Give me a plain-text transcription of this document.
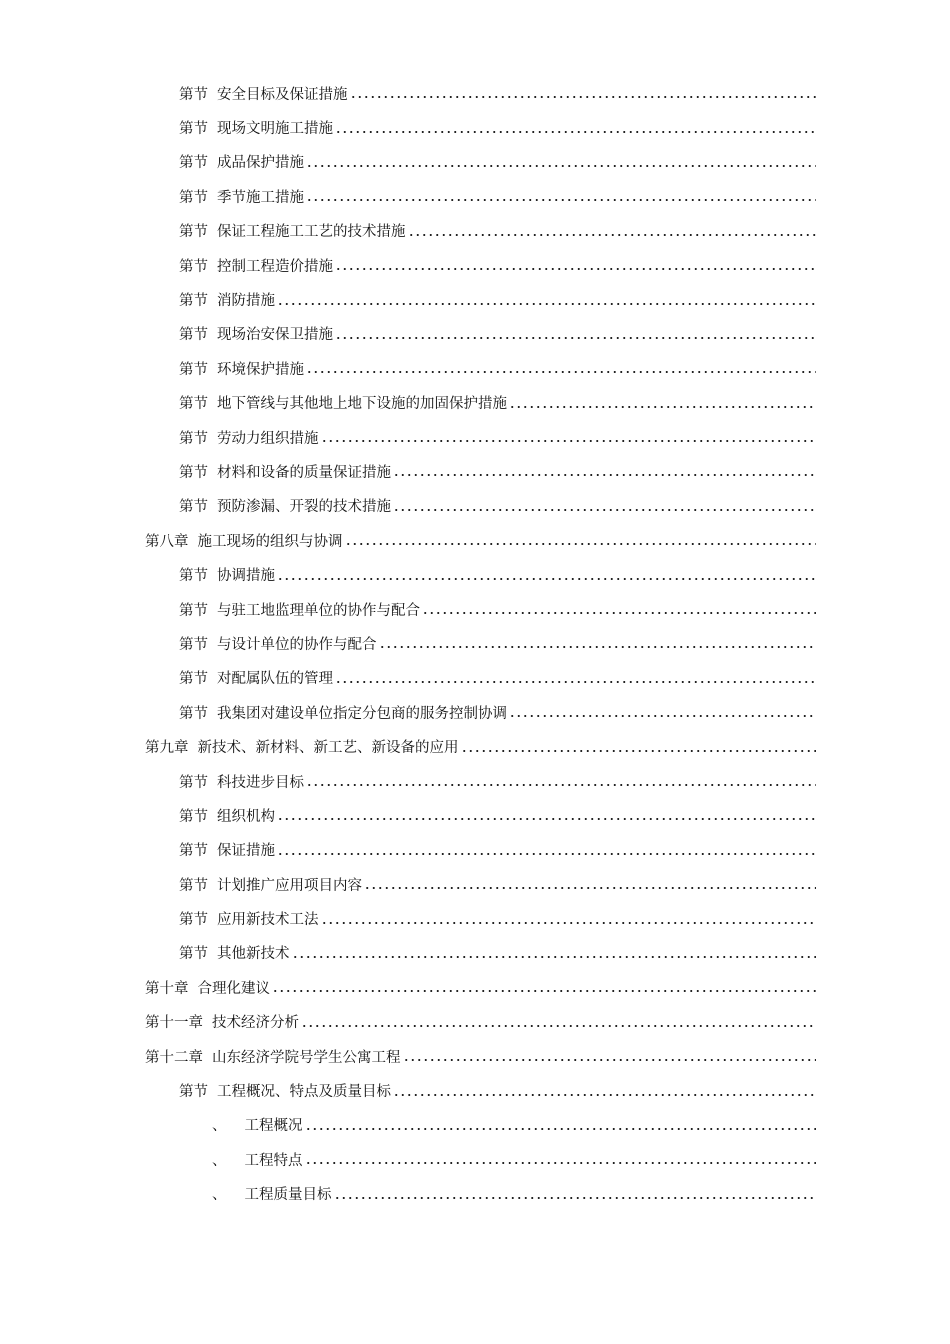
第节 安全目标及保证措施
第节 现场文明施工措施
第节 成品保护措施
第节 季节施工措施
第节 保证工程施工工艺的技术措施
第节 控制工程造价措施
第节 消防措施
第节 现场治安保卫措施
第节 环境保护措施
第节 地下管线与其他地上地下设施的加固保护措施
第节 劳动力组织措施
第节 材料和设备的质量保证措施
第节 预防渗漏、开裂的技术措施
第八章 施工现场的组织与协调
第节 协调措施
第节 与驻工地监理单位的协作与配合
第节 与设计单位的协作与配合
第节 对配属队伍的管理
第节 我集团对建设单位指定分包商的服务控制协调
第九章 新技术、新材料、新工艺、新设备的应用
第节 科技进步目标
第节 组织机构
第节 保证措施
第节 计划推广应用项目内容
第节 应用新技术工法
第节 其他新技术
第十章 合理化建议
第十一章 技术经济分析
第十二章 山东经济学院号学生公寓工程
第节 工程概况、特点及质量目标
、 工程概况
、 工程特点
、 工程质量目标
